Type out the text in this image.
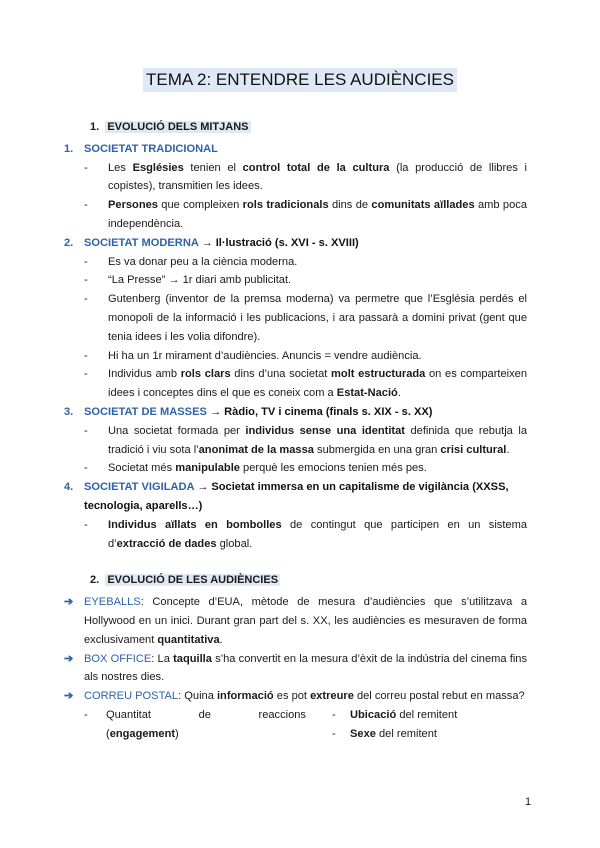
TEMA 2: ENTENDRE LES AUDIÈNCIES
1. EVOLUCIÓ DELS MITJANS
1. SOCIETAT TRADICIONAL
-	Les Esglésies tenien el control total de la cultura (la producció de llibres i copistes), transmitien les idees.
-	Persones que compleixen rols tradicionals dins de comunitats aïllades amb poca independència.
2. SOCIETAT MODERNA → Il·lustració (s. XVI - s. XVIII)
-	Es va donar peu a la ciència moderna.
-	“La Presse” → 1r diari amb publicitat.
-	Gutenberg (inventor de la premsa moderna) va permetre que l’Església perdés el monopoli de la informació i les publicacions, i ara passarà a domini privat (gent que tenia idees i les volia difondre).
-	Hi ha un 1r mirament d’audiències. Anuncis = vendre audiència.
-	Individus amb rols clars dins d’una societat molt estructurada on es comparteixen idees i conceptes dins el que es coneix com a Estat-Nació.
3. SOCIETAT DE MASSES → Ràdio, TV i cinema (finals s. XIX - s. XX)
-	Una societat formada per individus sense una identitat definida que rebutja la tradició i viu sota l’anonimat de la massa submergida en una gran crisi cultural.
-	Societat més manipulable perquè les emocions tenien més pes.
4. SOCIETAT VIGILADA → Societat immersa en un capitalisme de vigilància (XXSS, tecnologia, aparells…)
-	Individus aïllats en bombolles de contingut que participen en un sistema d’extracció de dades global.
2. EVOLUCIÓ DE LES AUDIÈNCIES
➔ EYEBALLS: Concepte d’EUA, mètode de mesura d’audiències que s’utilitzava a Hollywood en un inici. Durant gran part del s. XX, les audiències es mesuraven de forma exclusivament quantitativa.
➔ BOX OFFICE: La taquilla s’ha convertit en la mesura d’èxit de la indústria del cinema fins als nostres dies.
➔ CORREU POSTAL: Quina informació es pot extreure del correu postal rebut en massa?
-	Quantitat	de	reaccions
(engagement)
-	Ubicació del remitent
-	Sexe del remitent
1
